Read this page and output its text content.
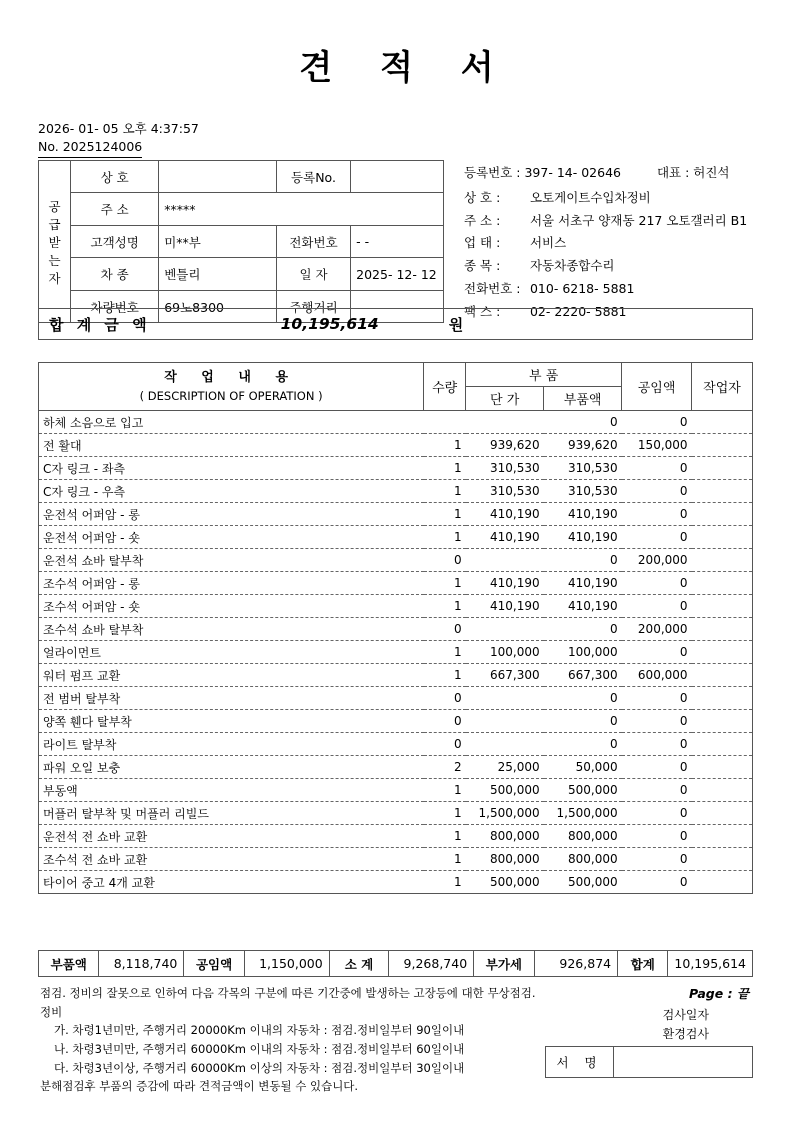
견 적 서
2026- 01- 05 오후 4:37:57
No. 2025124006
공
급
받
는
자	상 호		등록No.	
	주 소	*****		
	고객성명	미**부	전화번호	- -
	차 종	벤틀리	일 자	2025- 12- 12
	차량번호	69노8300	주행거리	
등록번호 : 397- 14- 02646	대표 : 허진석
상 호 : 오토게이트수입차정비
주 소 : 서울 서초구 양재동 217 오토갤러리 B1
업 태 : 서비스
종 목 : 자동차종합수리
전화번호 : 010- 6218- 5881
팩 스 : 02- 2220- 5881
합 계 금 액	10,195,614	원
작 업 내 용
( DESCRIPTION OF OPERATION )	수량	부 품		공임액	작업자
		단 가	부품액		
하체 소음으로 입고			0	0	
전 활대	1	939,620	939,620	150,000	
C자 링크 - 좌측	1	310,530	310,530	0	
C자 링크 - 우측	1	310,530	310,530	0	
운전석 어퍼암 - 롱	1	410,190	410,190	0	
운전석 어퍼암 - 숏	1	410,190	410,190	0	
운전석 쇼바 탈부착	0		0	200,000	
조수석 어퍼암 - 롱	1	410,190	410,190	0	
조수석 어퍼암 - 숏	1	410,190	410,190	0	
조수석 쇼바 탈부착	0		0	200,000	
얼라이먼트	1	100,000	100,000	0	
워터 펌프 교환	1	667,300	667,300	600,000	
전 범버 탈부착	0		0	0	
양쪽 휀다 탈부착	0		0	0	
라이트 탈부착	0		0	0	
파워 오일 보충	2	25,000	50,000	0	
부동액	1	500,000	500,000	0	
머플러 탈부착 및 머플러 리빌드	1	1,500,000	1,500,000	0	
운전석 전 쇼바 교환	1	800,000	800,000	0	
조수석 전 쇼바 교환	1	800,000	800,000	0	
타이어 중고 4개 교환	1	500,000	500,000	0	
부품액	8,118,740	공임액	1,150,000	소 계	9,268,740	부가세	926,874	합계	10,195,614
점검. 정비의 잘못으로 인하여 다음 각목의 구분에 따른 기간중에 발생하는 고장등에 대한 무상점검.정비
가. 차령1년미만, 주행거리 20000Km 이내의 자동차 : 점검.정비일부터 90일이내
나. 차령3년미만, 주행거리 60000Km 이내의 자동차 : 점검.정비일부터 60일이내
다. 차령3년이상, 주행거리 60000Km 이상의 자동차 : 점검.정비일부터 30일이내
분해점검후 부품의 증감에 따라 견적금액이 변동될 수 있습니다.
Page : 끝
검사일자
환경검사
서 명
